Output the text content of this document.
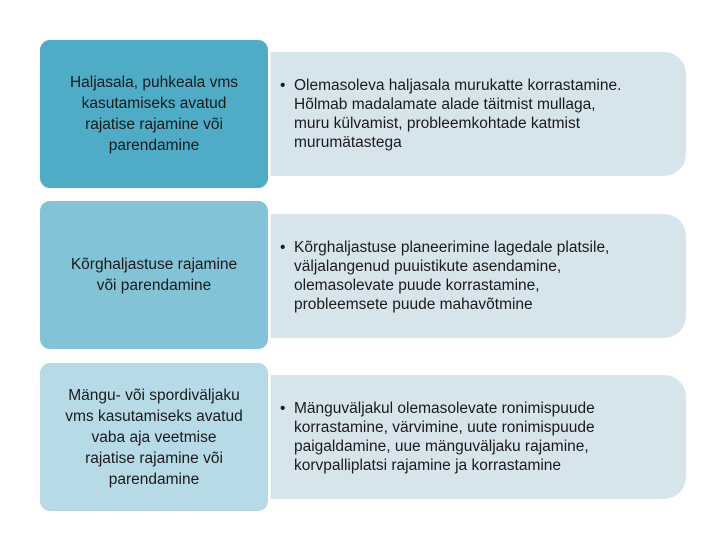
• Olemasoleva haljasala murukatte korrastamine.
Hõlmab madalamate alade täitmist mullaga,
muru külvamist, probleemkohtade katmist
murumätastega
Haljasala, puhkeala vms
kasutamiseks avatud
rajatise rajamine või
parendamine
• Kõrghaljastuse planeerimine lagedale platsile,
väljalangenud puuistikute asendamine,
olemasolevate puude korrastamine,
probleemsete puude mahavõtmine
Kõrghaljastuse rajamine
või parendamine
• Mänguväljakul olemasolevate ronimispuude
korrastamine, värvimine, uute ronimispuude
paigaldamine, uue mänguväljaku rajamine,
korvpalliplatsi rajamine ja korrastamine
Mängu- või spordiväljaku
vms kasutamiseks avatud
vaba aja veetmise
rajatise rajamine või
parendamine
